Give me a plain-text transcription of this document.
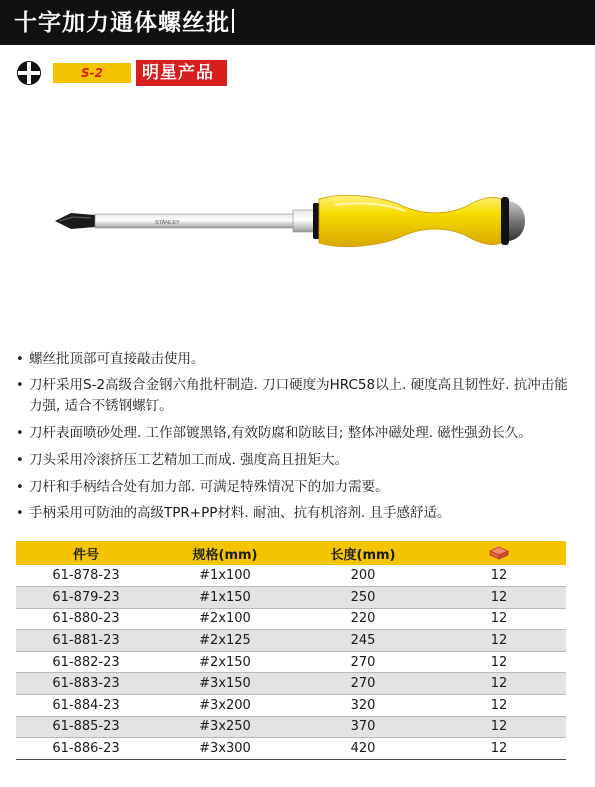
十字加力通体螺丝批
S-2	明星产品
STANLEY
• 螺丝批顶部可直接敲击使用。
• 刀杆采用S-2高级合金钢六角批杆制造. 刀口硬度为HRC58以上. 硬度高且韧性好. 抗冲击能力强, 适合不锈钢螺钉。
• 刀杆表面喷砂处理. 工作部镀黑铬,有效防腐和防眩目; 整体冲磁处理. 磁性强劲长久。
• 刀头采用冷滚挤压工艺精加工而成. 强度高且扭矩大。
• 刀杆和手柄结合处有加力部. 可满足特殊情况下的加力需要。
• 手柄采用可防油的高级TPR+PP材料. 耐油、抗有机溶剂. 且手感舒适。
件号	规格(mm)	长度(mm)	
61-878-23	#1x100	200	12
61-879-23	#1x150	250	12
61-880-23	#2x100	220	12
61-881-23	#2x125	245	12
61-882-23	#2x150	270	12
61-883-23	#3x150	270	12
61-884-23	#3x200	320	12
61-885-23	#3x250	370	12
61-886-23	#3x300	420	12
